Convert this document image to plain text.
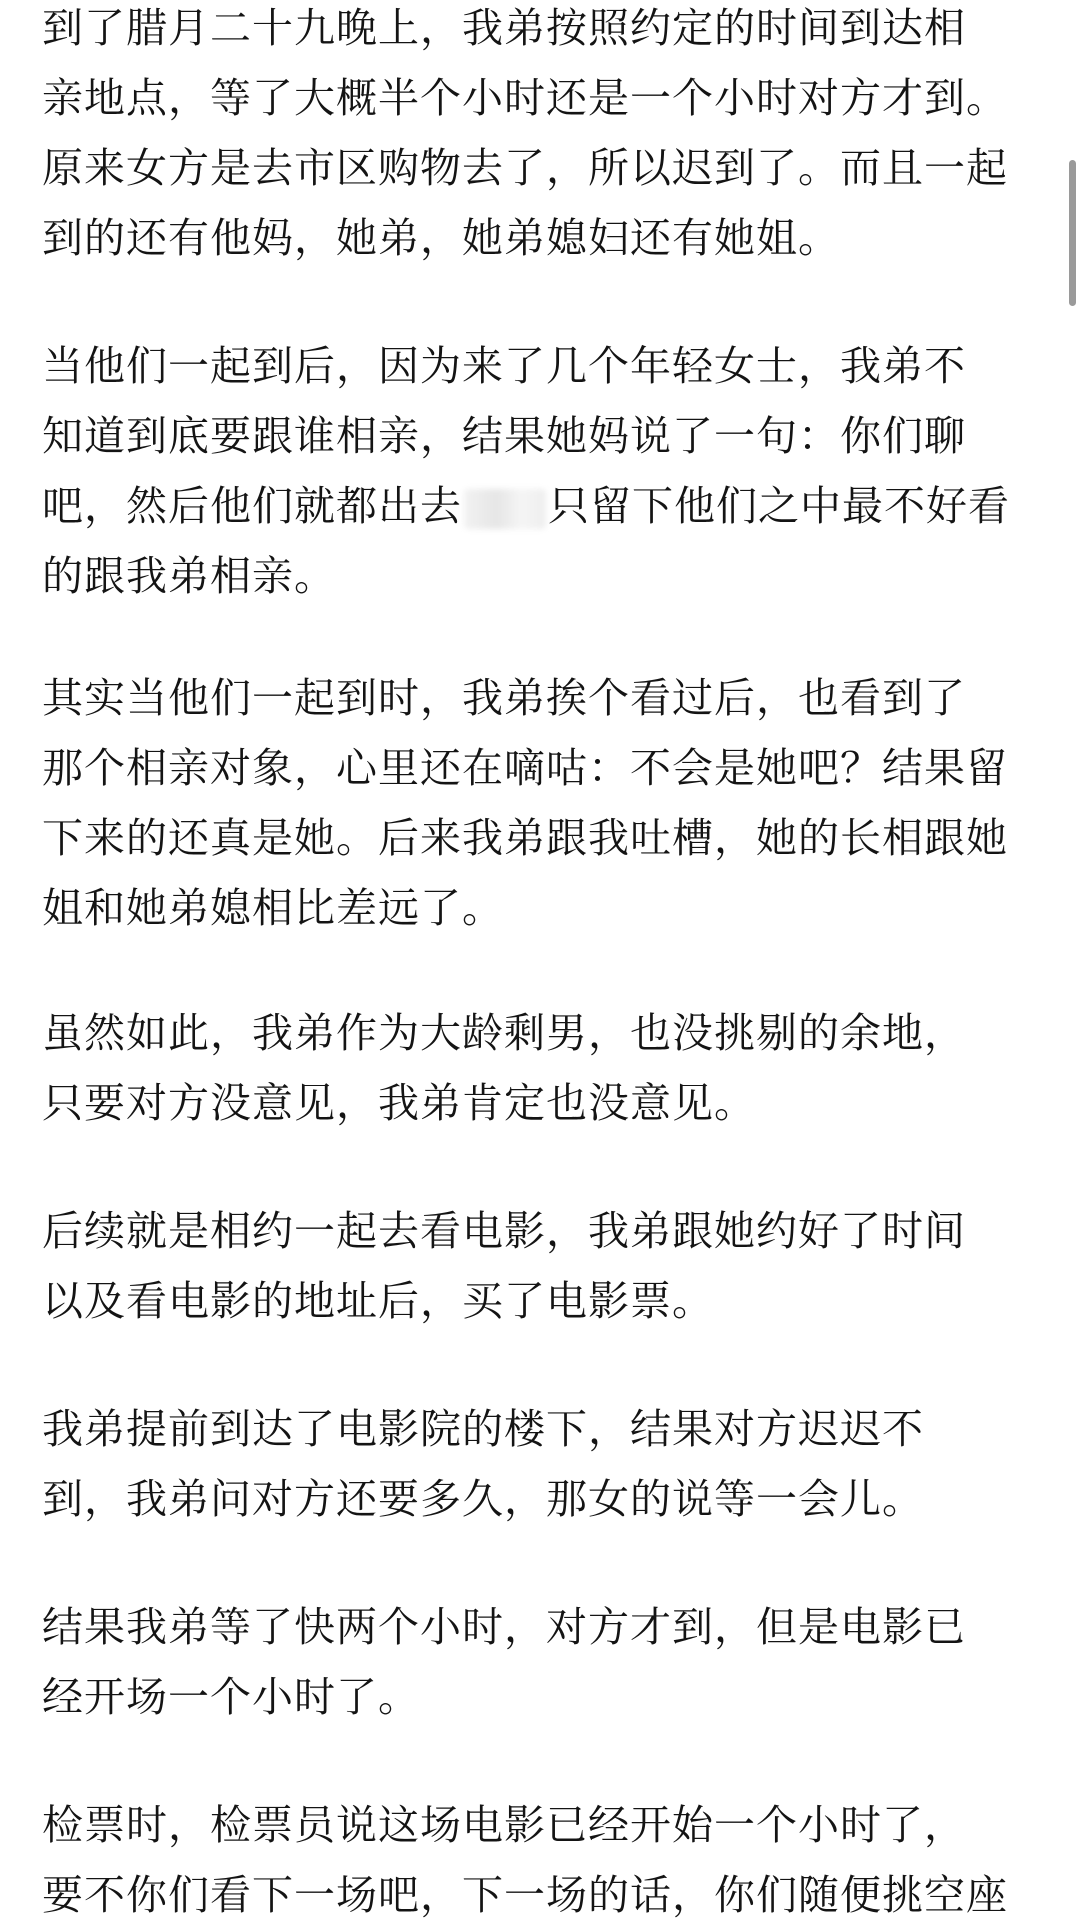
到了腊月二十九晚上，我弟按照约定的时间到达相
亲地点，等了大概半个小时还是一个小时对方才到。
原来女方是去市区购物去了，所以迟到了。而且一起
到的还有他妈，她弟，她弟媳妇还有她姐。
当他们一起到后，因为来了几个年轻女士，我弟不
知道到底要跟谁相亲，结果她妈说了一句：你们聊
吧，然后他们就都出去 只留下他们之中最不好看
的跟我弟相亲。
其实当他们一起到时，我弟挨个看过后，也看到了
那个相亲对象，心里还在嘀咕：不会是她吧？结果留
下来的还真是她。后来我弟跟我吐槽，她的长相跟她
姐和她弟媳相比差远了。
虽然如此，我弟作为大龄剩男，也没挑剔的余地，
只要对方没意见，我弟肯定也没意见。
后续就是相约一起去看电影，我弟跟她约好了时间
以及看电影的地址后，买了电影票。
我弟提前到达了电影院的楼下，结果对方迟迟不
到，我弟问对方还要多久，那女的说等一会儿。
结果我弟等了快两个小时，对方才到，但是电影已
经开场一个小时了。
检票时，检票员说这场电影已经开始一个小时了，
要不你们看下一场吧，下一场的话，你们随便挑空座
